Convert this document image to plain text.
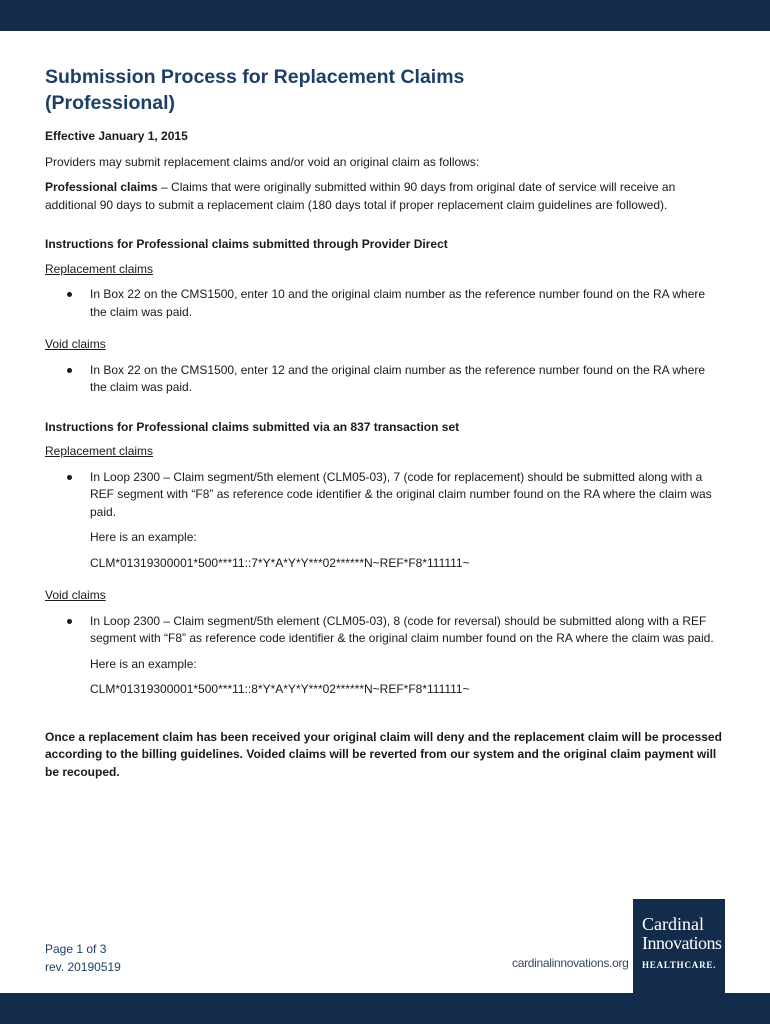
Submission Process for Replacement Claims
(Professional)

Effective January 1, 2015

Providers may submit replacement claims and/or void an original claim as follows:

Professional claims – Claims that were originally submitted within 90 days from original date of service will receive an additional 90 days to submit a replacement claim (180 days total if proper replacement claim guidelines are followed).

Instructions for Professional claims submitted through Provider Direct

Replacement claims

In Box 22 on the CMS1500, enter 10 and the original claim number as the reference number found on the RA where the claim was paid.

Void claims

In Box 22 on the CMS1500, enter 12 and the original claim number as the reference number found on the RA where the claim was paid.

Instructions for Professional claims submitted via an 837 transaction set

Replacement claims

In Loop 2300 – Claim segment/5th element (CLM05-03), 7 (code for replacement) should be submitted along with a REF segment with “F8” as reference code identifier & the original claim number found on the RA where the claim was paid.

Here is an example:

CLM*01319300001*500***11::7*Y*A*Y*Y***02******N~REF*F8*111111~

Void claims

In Loop 2300 – Claim segment/5th element (CLM05-03), 8 (code for reversal) should be submitted along with a REF segment with “F8” as reference code identifier & the original claim number found on the RA where the claim was paid.

Here is an example:

CLM*01319300001*500***11::8*Y*A*Y*Y***02******N~REF*F8*111111~

Once a replacement claim has been received your original claim will deny and the replacement claim will be processed according to the billing guidelines. Voided claims will be reverted from our system and the original claim payment will be recouped.

Page 1 of 3
rev. 20190519	cardinalinnovations.org
Cardinal
Innovations
HEALTHCARE.
